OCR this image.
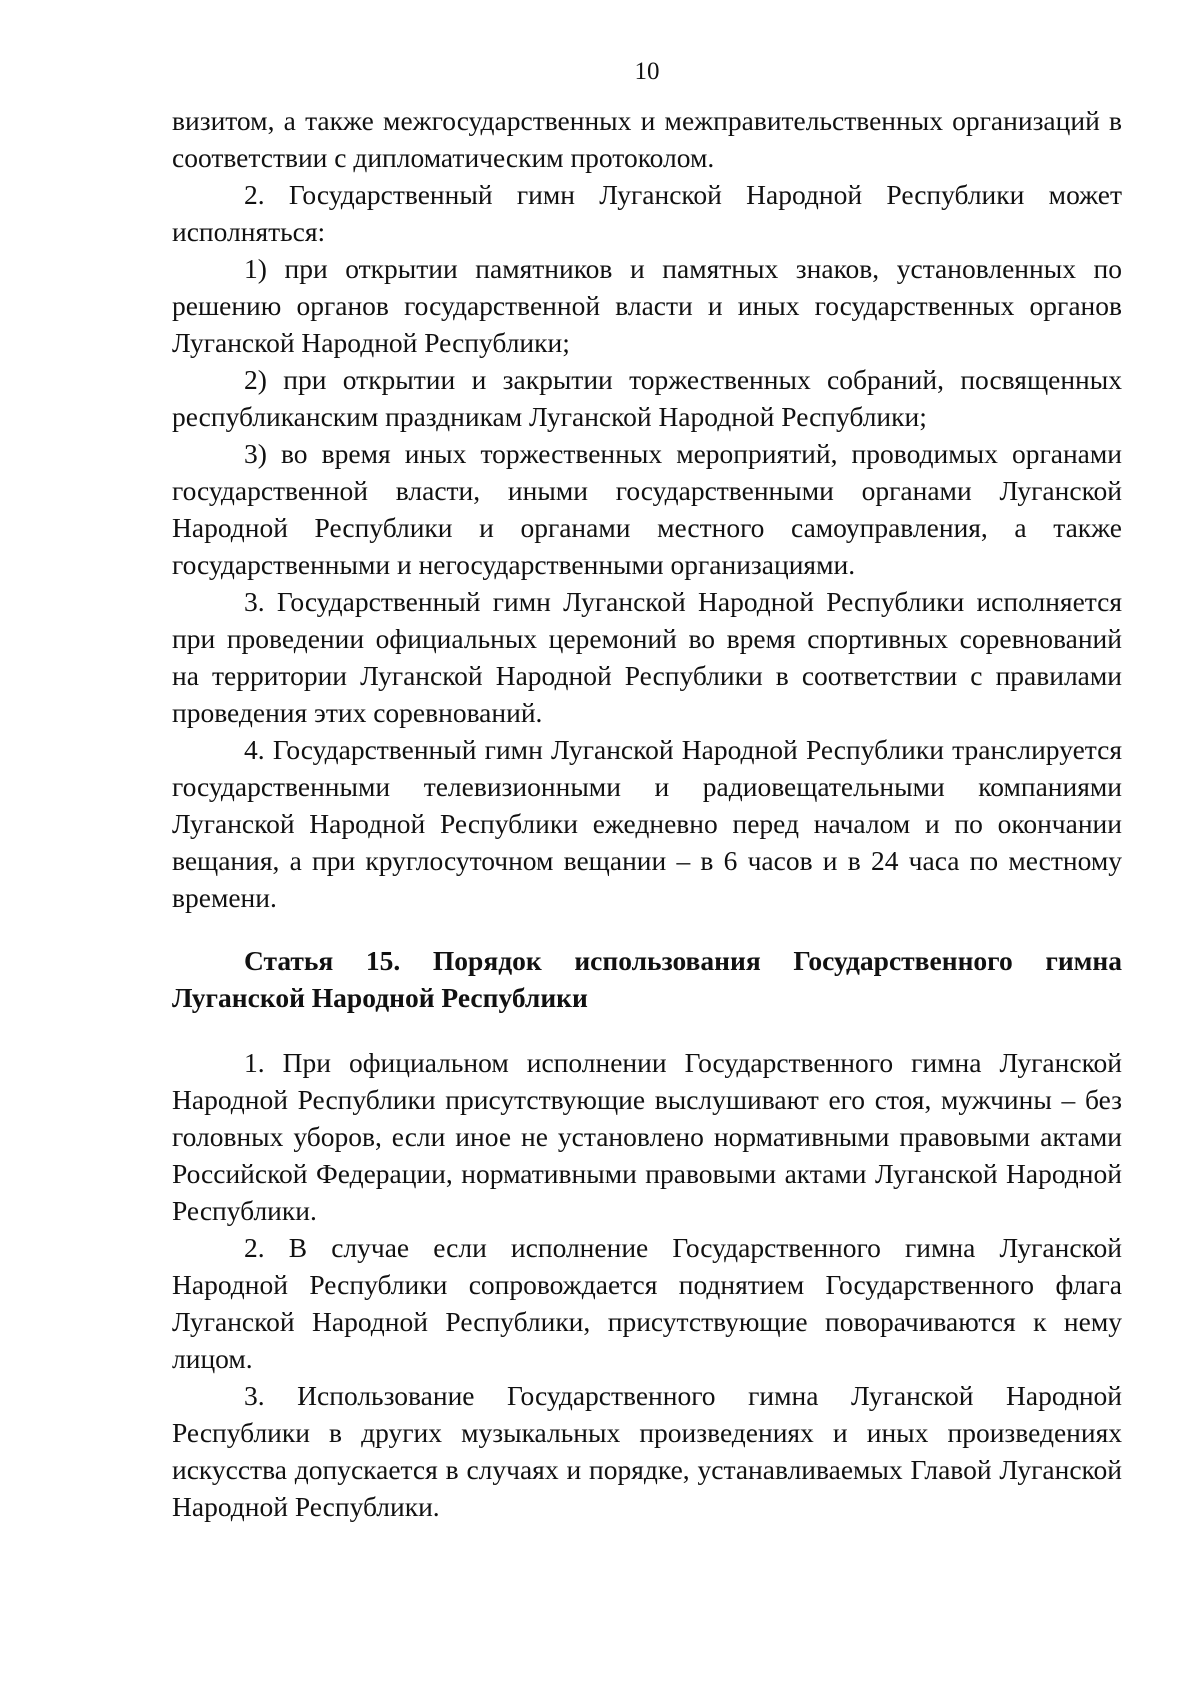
10

визитом, а также межгосударственных и межправительственных организаций в соответствии с дипломатическим протоколом.

2. Государственный гимн Луганской Народной Республики может исполняться:

1) при открытии памятников и памятных знаков, установленных по решению органов государственной власти и иных государственных органов Луганской Народной Республики;

2) при открытии и закрытии торжественных собраний, посвященных республиканским праздникам Луганской Народной Республики;

3) во время иных торжественных мероприятий, проводимых органами государственной власти, иными государственными органами Луганской Народной Республики и органами местного самоуправления, а также государственными и негосударственными организациями.

3. Государственный гимн Луганской Народной Республики исполняется при проведении официальных церемоний во время спортивных соревнований на территории Луганской Народной Республики в соответствии с правилами проведения этих соревнований.

4. Государственный гимн Луганской Народной Республики транслируется государственными телевизионными и радиовещательными компаниями Луганской Народной Республики ежедневно перед началом и по окончании вещания, а при круглосуточном вещании – в 6 часов и в 24 часа по местному времени.

Статья 15. Порядок использования Государственного гимна Луганской Народной Республики

1. При официальном исполнении Государственного гимна Луганской Народной Республики присутствующие выслушивают его стоя, мужчины – без головных уборов, если иное не установлено нормативными правовыми актами Российской Федерации, нормативными правовыми актами Луганской Народной Республики.

2. В случае если исполнение Государственного гимна Луганской Народной Республики сопровождается поднятием Государственного флага Луганской Народной Республики, присутствующие поворачиваются к нему лицом.

3. Использование Государственного гимна Луганской Народной Республики в других музыкальных произведениях и иных произведениях искусства допускается в случаях и порядке, устанавливаемых Главой Луганской Народной Республики.
